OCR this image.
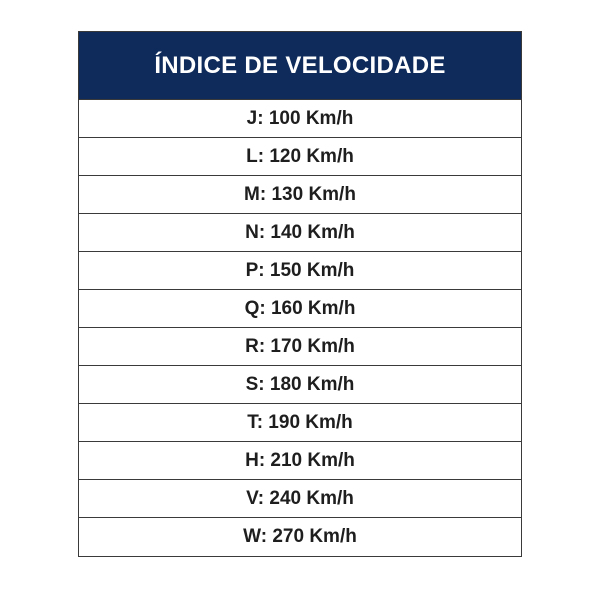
ÍNDICE DE VELOCIDADE
J: 100 Km/h
L: 120 Km/h
M: 130 Km/h
N: 140 Km/h
P: 150 Km/h
Q: 160 Km/h
R: 170 Km/h
S: 180 Km/h
T: 190 Km/h
H: 210 Km/h
V: 240 Km/h
W: 270 Km/h
